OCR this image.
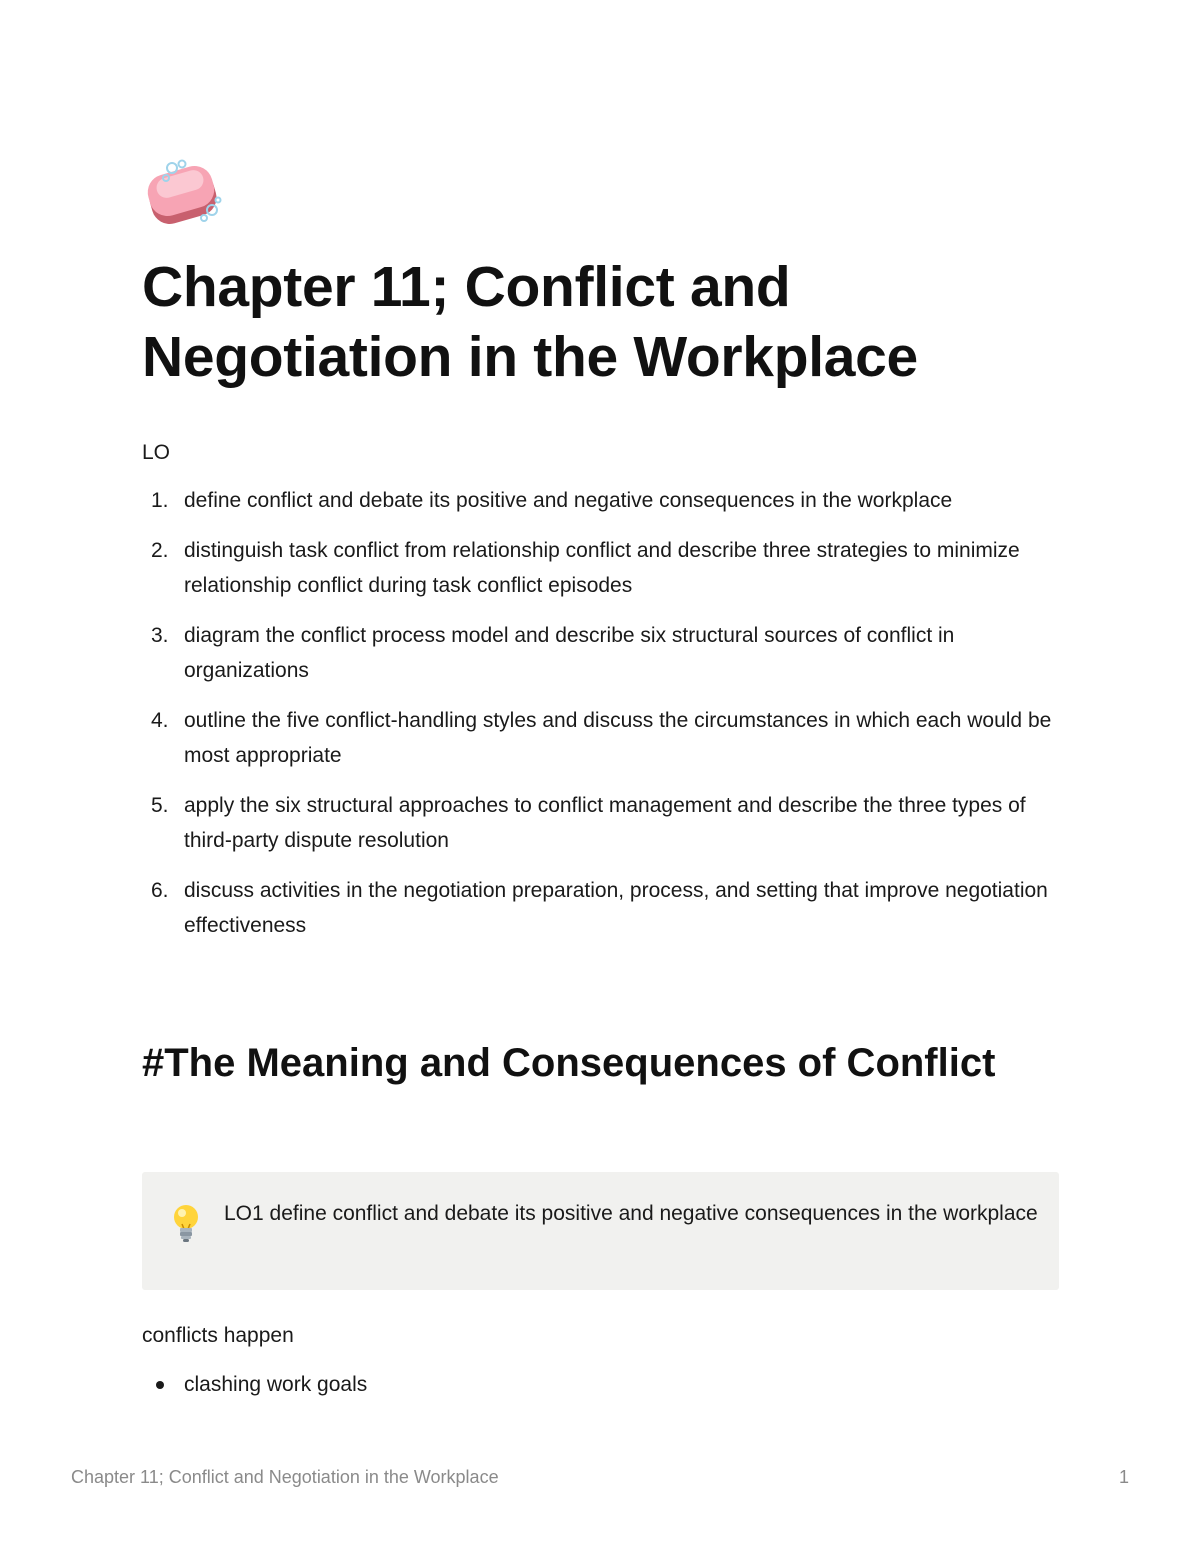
Chapter 11; Conflict and Negotiation in the Workplace

LO

1. define conflict and debate its positive and negative consequences in the workplace
2. distinguish task conflict from relationship conflict and describe three strategies to minimize relationship conflict during task conflict episodes
3. diagram the conflict process model and describe six structural sources of conflict in organizations
4. outline the five conflict-handling styles and discuss the circumstances in which each would be most appropriate
5. apply the six structural approaches to conflict management and describe the three types of third-party dispute resolution
6. discuss activities in the negotiation preparation, process, and setting that improve negotiation effectiveness
#The Meaning and Consequences of Conflict
LO1 define conflict and debate its positive and negative consequences in the workplace

conflicts happen

clashing work goals
Chapter 11; Conflict and Negotiation in the Workplace	1
